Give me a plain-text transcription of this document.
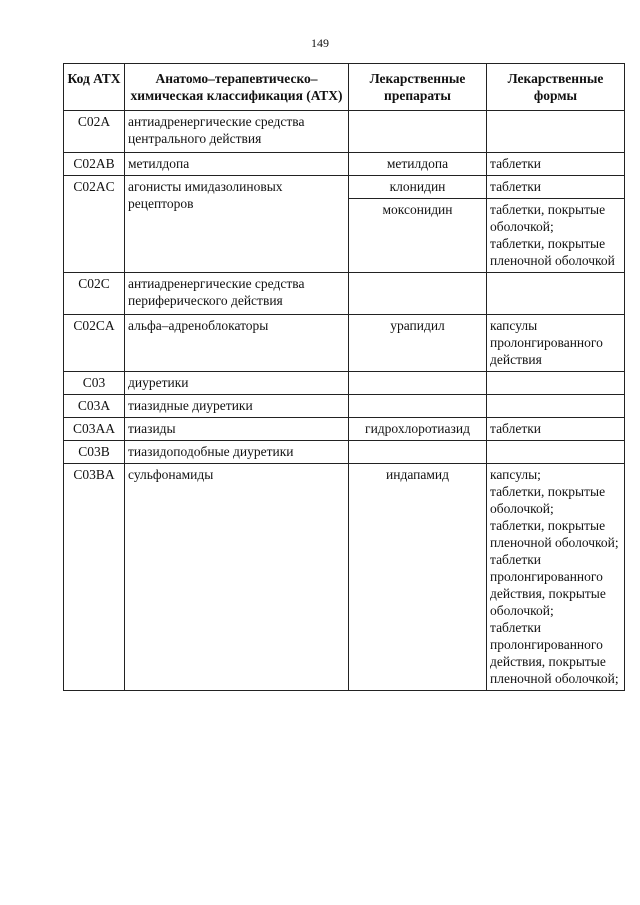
149
Код АТХ	Анатомо–терапевтическо–химическая классификация (АТХ)	Лекарственные препараты	Лекарственные формы
C02A	антиадренергические средства центрального действия		
C02AB	метилдопа	метилдопа	таблетки

C02AC	агонисты имидазолиновых рецепторов	клонидин	таблетки

		моксонидин	таблетки, покрытые оболочкой;
таблетки, покрытые пленочной оболочкой

C02C	антиадренергические средства периферического действия		
C02CA	альфа–адреноблокаторы	урапидил	капсулы пролонгированного действия

C03	диуретики		
C03A	тиазидные диуретики		
C03AA	тиазиды	гидрохлоротиазид	таблетки

C03B	тиазидоподобные диуретики		
C03BA	сульфонамиды	индапамид	капсулы;
таблетки, покрытые оболочкой;
таблетки, покрытые пленочной оболочкой;
таблетки пролонгированного действия, покрытые оболочкой;
таблетки пролонгированного действия, покрытые пленочной оболочкой;
